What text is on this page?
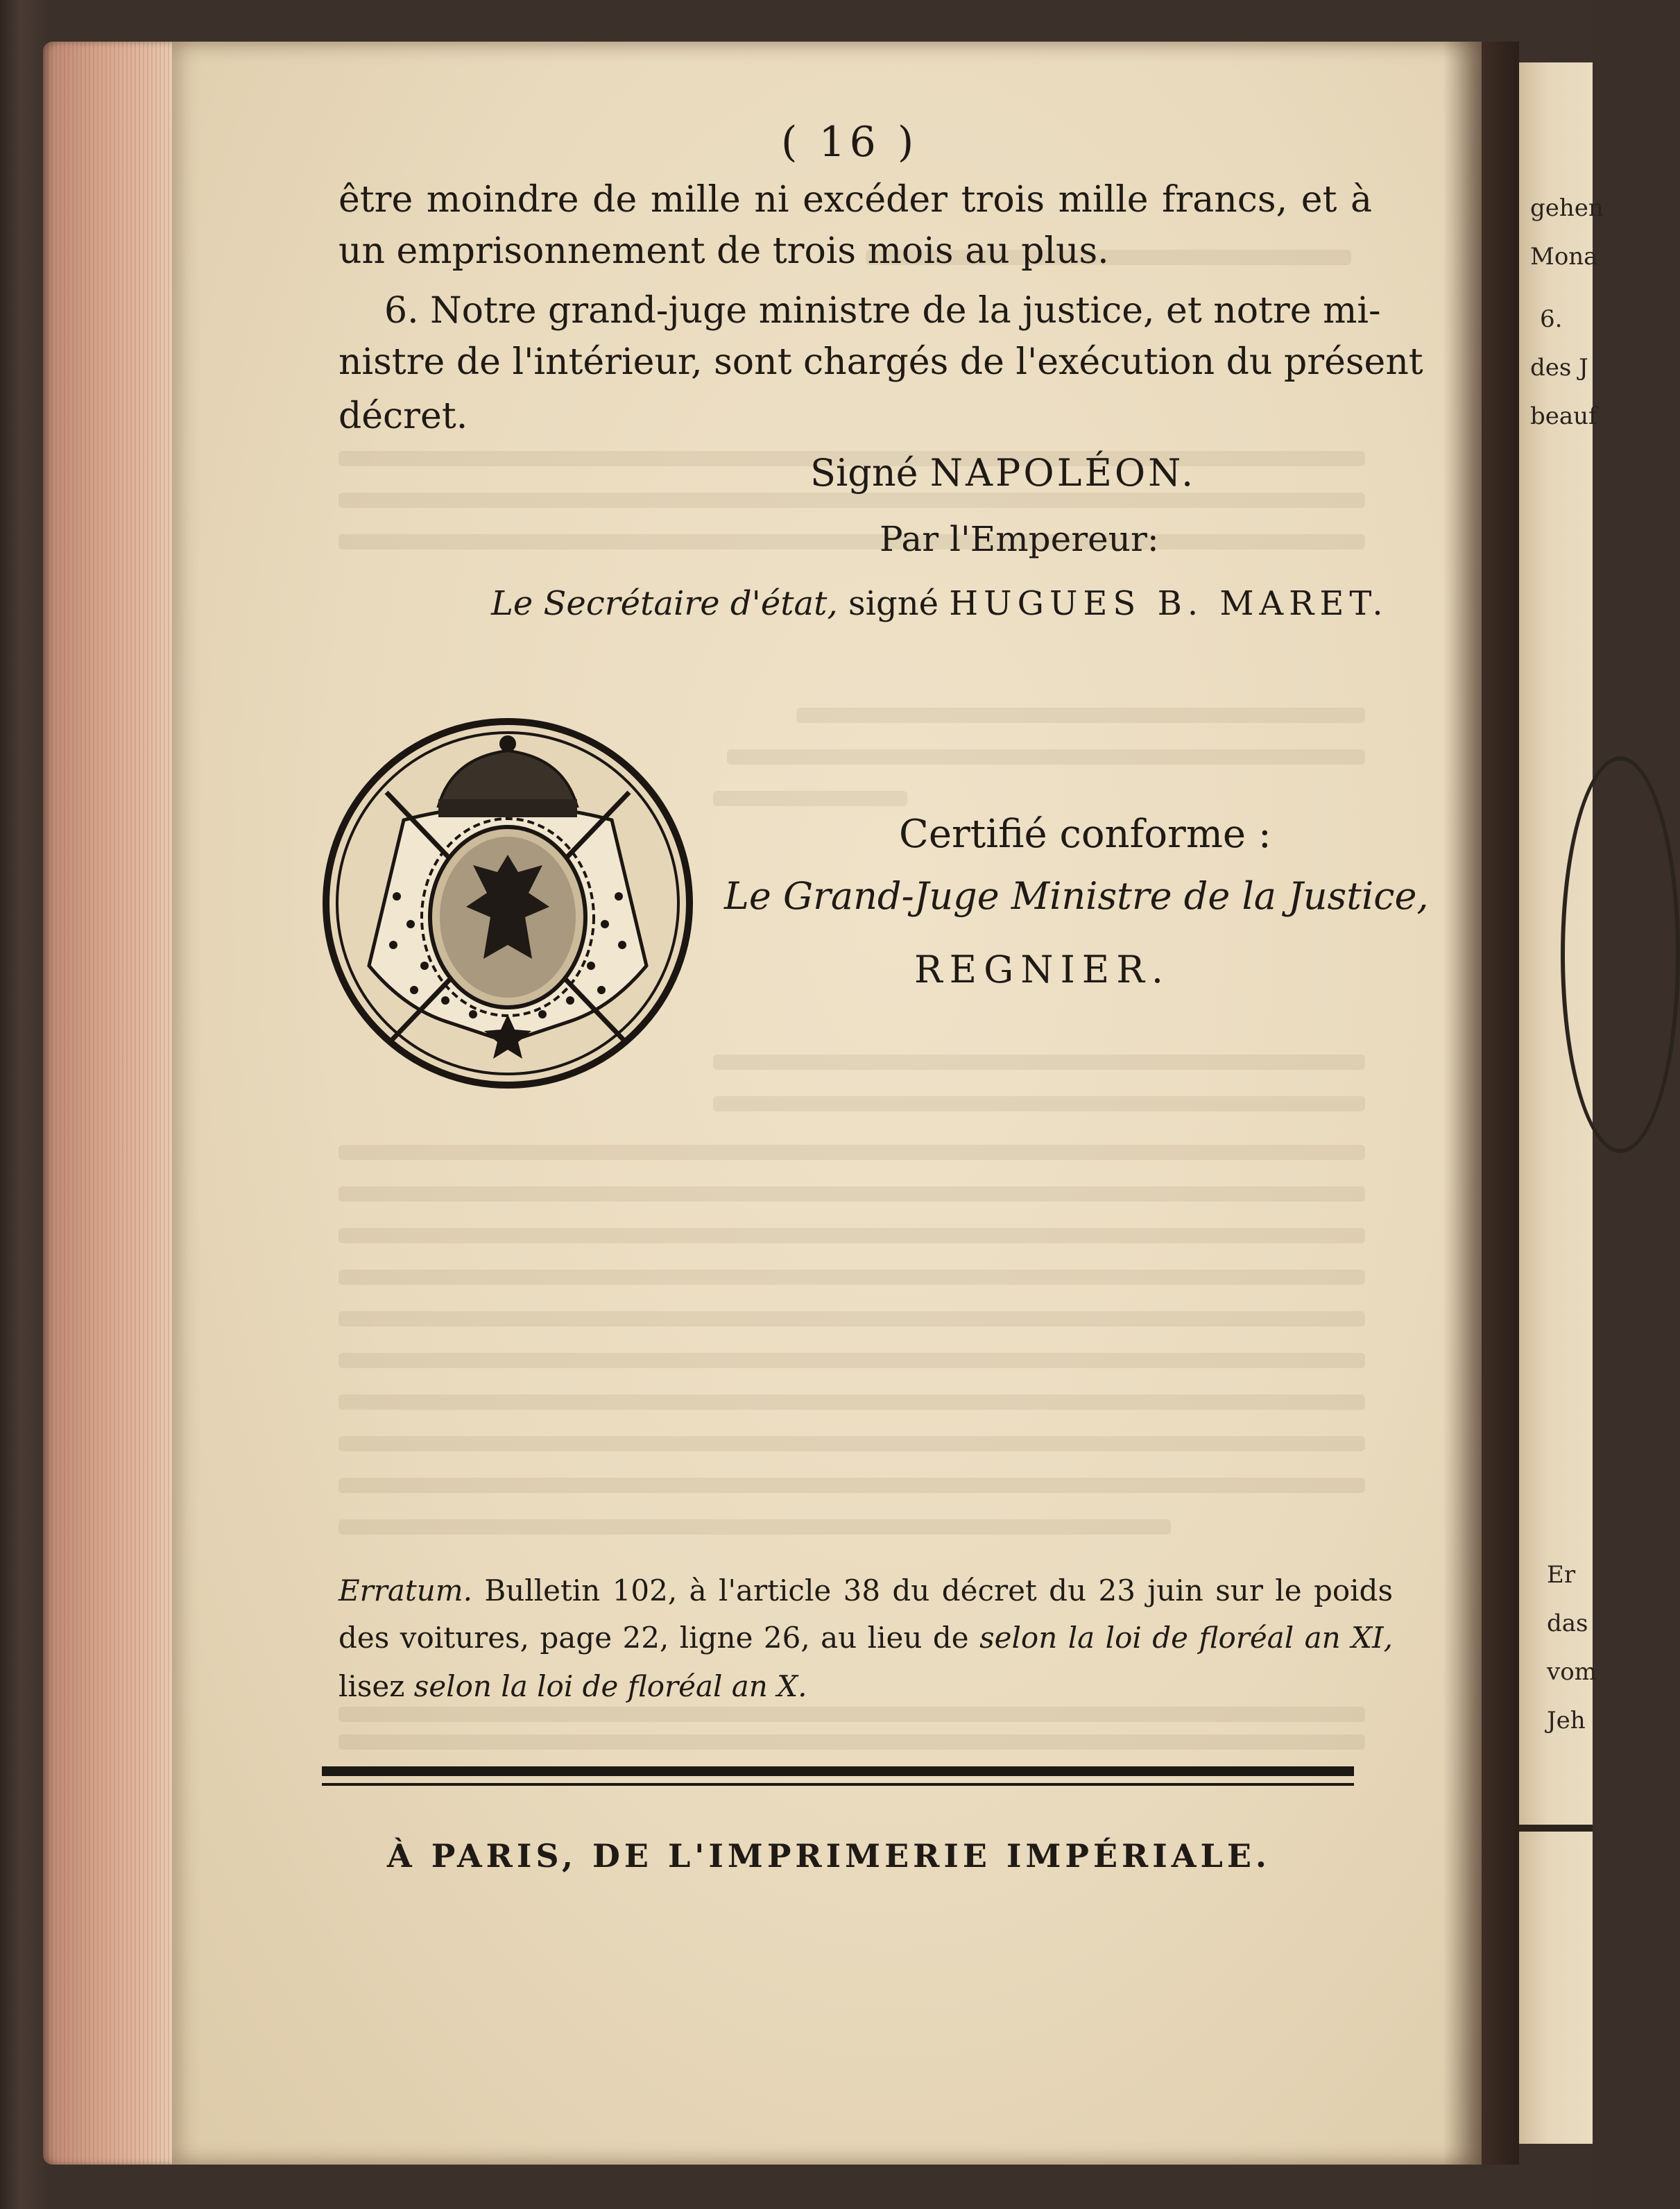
( 16 )
être moindre de mille ni excéder trois mille francs, et à
un emprisonnement de trois mois au plus.
6. Notre grand-juge ministre de la justice, et notre mi-
nistre de l'intérieur, sont chargés de l'exécution du présent
décret.
Signé NAPOLÉON.
Par l'Empereur:
Le Secrétaire d'état, signé HUGUES B. MARET.
Certifié conforme :
Le Grand-Juge Ministre de la Justice,
REGNIER.
Erratum. Bulletin 102, à l'article 38 du décret du 23 juin sur le poids
des voitures, page 22, ligne 26, au lieu de selon la loi de floréal an XI,
lisez selon la loi de floréal an X.
À PARIS, DE L'IMPRIMERIE IMPÉRIALE.
gehen
Mona
6.
des J
beauf
Er
das
vom
Jeh
